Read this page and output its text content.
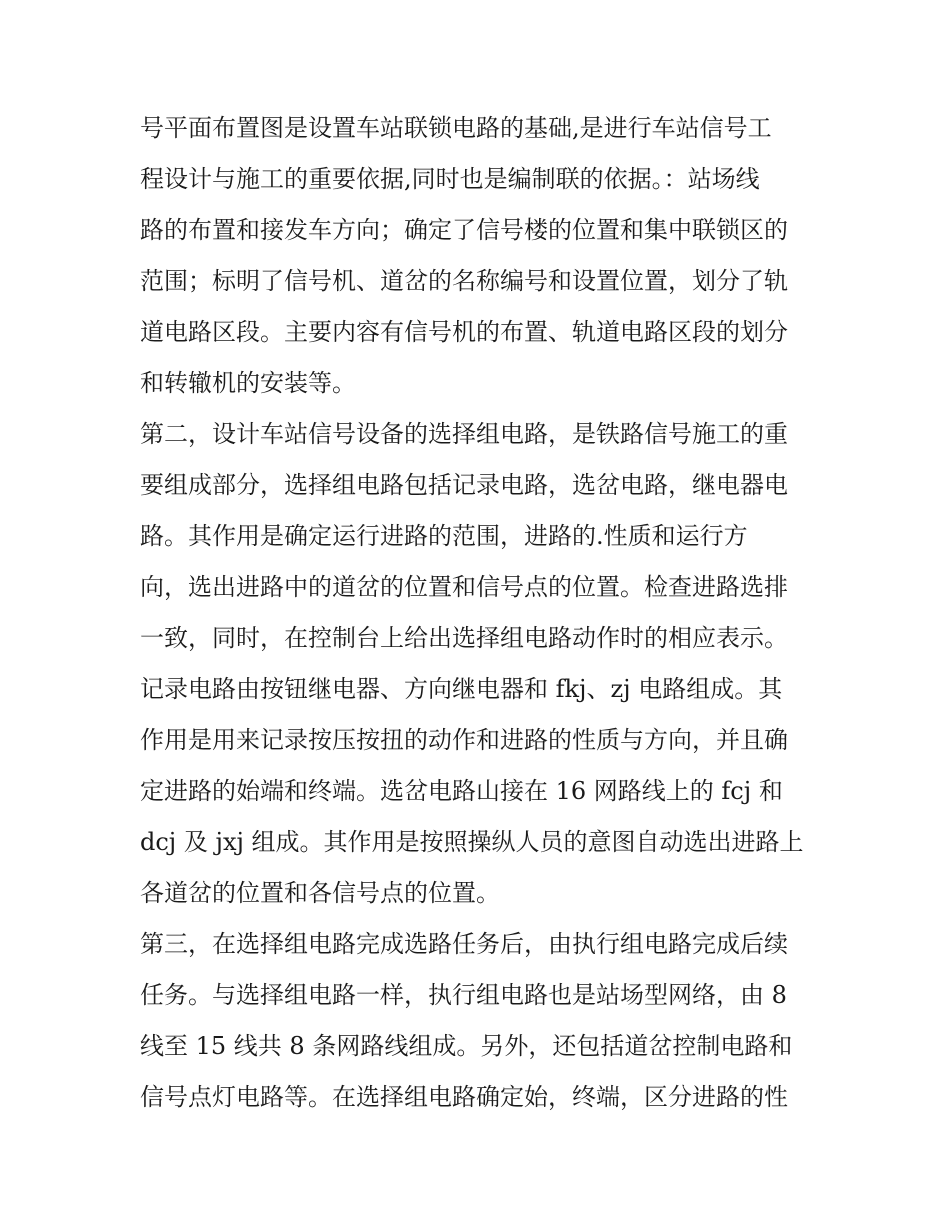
号平面布置图是设置车站联锁电路的基础,是进行车站信号工
程设计与施工的重要依据,同时也是编制联的依据。：站场线
路的布置和接发车方向；确定了信号楼的位置和集中联锁区的
范围；标明了信号机、道岔的名称编号和设置位置，划分了轨
道电路区段。主要内容有信号机的布置、轨道电路区段的划分
和转辙机的安装等。
第二，设计车站信号设备的选择组电路，是铁路信号施工的重
要组成部分，选择组电路包括记录电路，选岔电路，继电器电
路。其作用是确定运行进路的范围，进路的.性质和运行方
向，选出进路中的道岔的位置和信号点的位置。检查进路选排
一致，同时，在控制台上给出选择组电路动作时的相应表示。
记录电路由按钮继电器、方向继电器和 fkj、zj 电路组成。其
作用是用来记录按压按扭的动作和进路的性质与方向，并且确
定进路的始端和终端。选岔电路山接在 16 网路线上的 fcj 和
dcj 及 jxj 组成。其作用是按照操纵人员的意图自动选出进路上
各道岔的位置和各信号点的位置。
第三，在选择组电路完成选路任务后，由执行组电路完成后续
任务。与选择组电路一样，执行组电路也是站场型网络，由 8
线至 15 线共 8 条网路线组成。另外，还包括道岔控制电路和
信号点灯电路等。在选择组电路确定始，终端，区分进路的性
